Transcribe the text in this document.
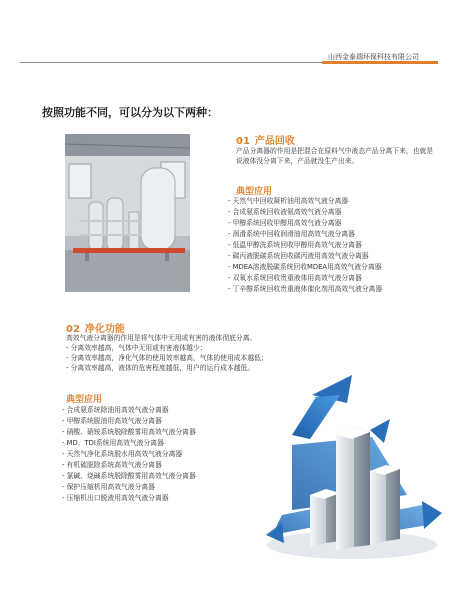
山西金泰瑞环保科技有限公司
按照功能不同，可以分为以下两种：
01 产品回收
产品分离器的作用是把混合在原料气中液态产品分离下来，也就是说液体没分离下来，产品就没生产出来。
典型应用
- 天然气中回收凝析油用高效气液分离器
- 合成氨系统回收液氨高效气液分离器
- 甲醇系统回收甲醇用高效气液分离器
- 润滑系统中回收润滑油用高效气液分离器
- 低温甲醇洗系统回收甲醇用高效气液分离器
- 碳丙液脱碳系统回收碳丙液用高效气液分离器
- MDEA溶液脱碳系统回收MDEA用高效气液分离器
- 双氧水系统回收贵重液体用高效气液分离器
- 丁辛醇系统回收贵重液体催化剂用高效气液分离器
02 净化功能
高效气液分离器的作用是将气体中无用或有害的液体彻底分离。
- 分离效率越高，气体中无用或有害液体越少；
- 分离效率越高，净化气体的使用效率越高，气体的使用成本越低；
- 分离效率越高，液体的危害程度越低，用户的运行成本越低。
典型应用
- 合成氨系统除油用高效气液分离器
- 甲醇系统脱油用高效气液分离器
- 硝酸、硝铵系统脱除酸雾用高效气液分离器
- MD、TDI系统用高效气液分离器
- 天然气净化系统脱水用高效气液分离器
- 有机硫脱除系统高效气液分离器
- 氯碱、烧碱系统脱除酸雾用高效气液分离器
- 保护压缩机用高效气液分离器
- 压缩机出口脱液用高效气液分离器
